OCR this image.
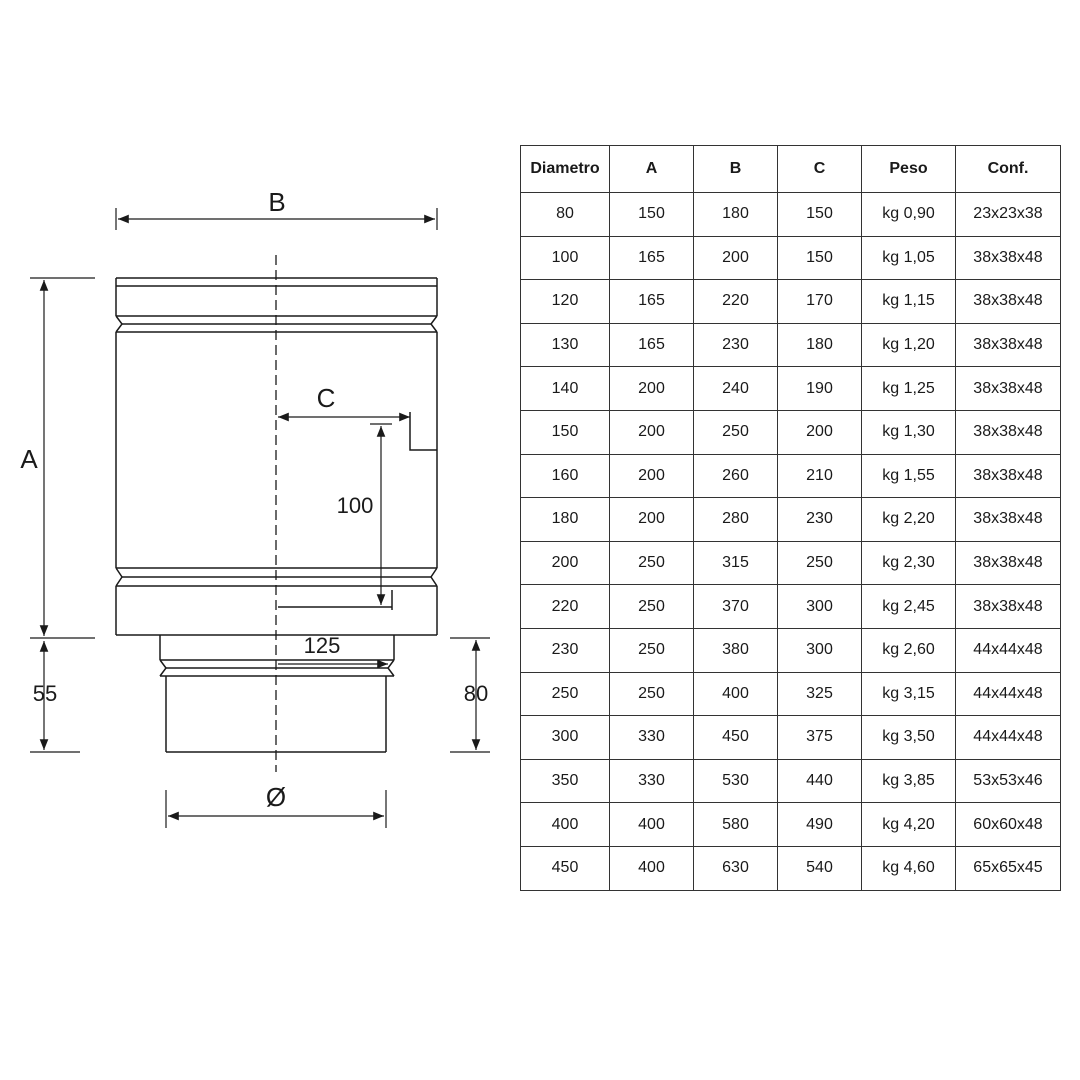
B
A
C
100
125
55	80
Ø
Diametro	A	B	C	Peso	Conf.
80	150	180	150	kg 0,90	23x23x38
100	165	200	150	kg 1,05	38x38x48
120	165	220	170	kg 1,15	38x38x48
130	165	230	180	kg 1,20	38x38x48
140	200	240	190	kg 1,25	38x38x48
150	200	250	200	kg 1,30	38x38x48
160	200	260	210	kg 1,55	38x38x48
180	200	280	230	kg 2,20	38x38x48
200	250	315	250	kg 2,30	38x38x48
220	250	370	300	kg 2,45	38x38x48
230	250	380	300	kg 2,60	44x44x48
250	250	400	325	kg 3,15	44x44x48
300	330	450	375	kg 3,50	44x44x48
350	330	530	440	kg 3,85	53x53x46
400	400	580	490	kg 4,20	60x60x48
450	400	630	540	kg 4,60	65x65x45
